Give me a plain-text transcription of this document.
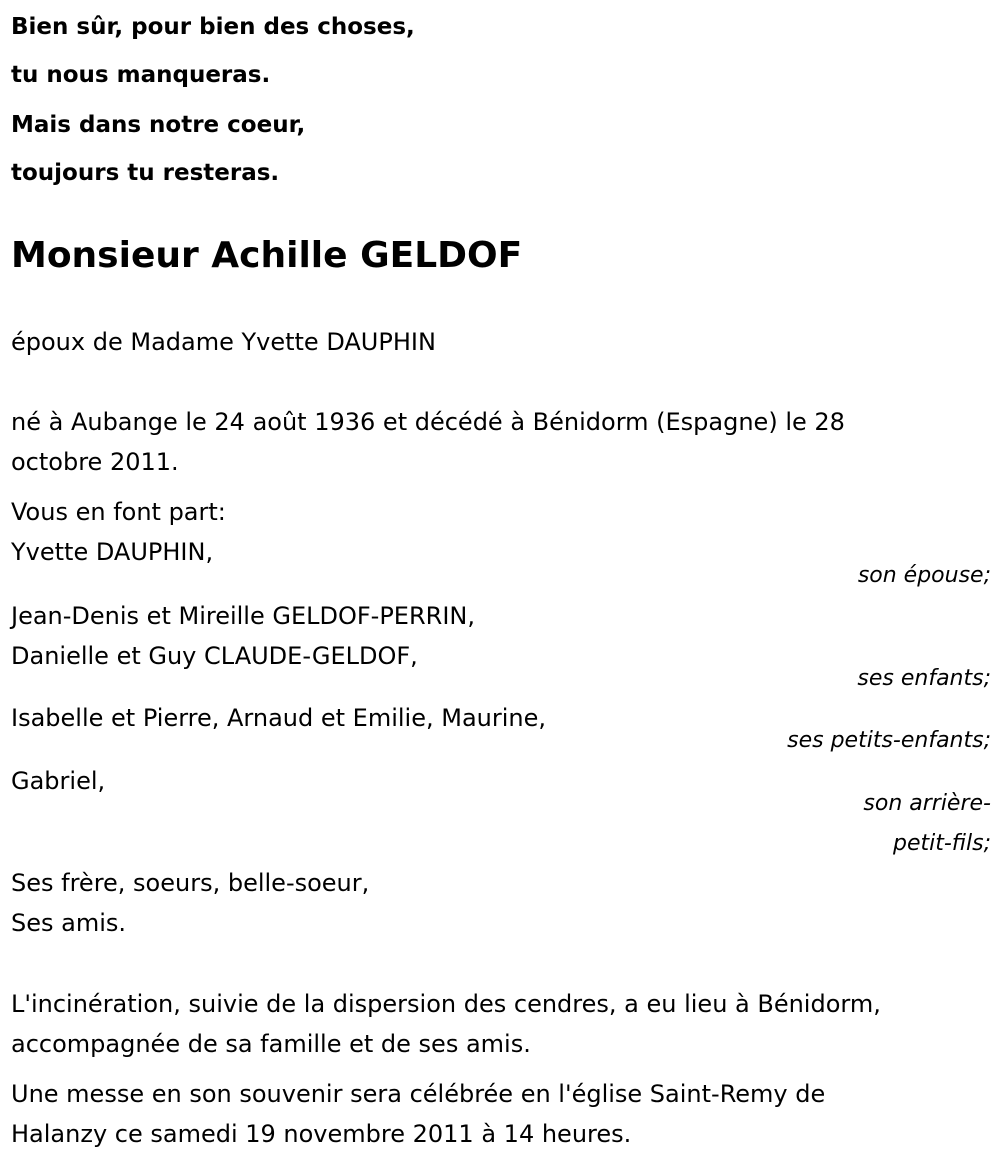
Bien sûr, pour bien des choses,
tu nous manqueras.
Mais dans notre coeur,
toujours tu resteras.
Monsieur Achille GELDOF
époux de Madame Yvette DAUPHIN
né à Aubange le 24 août 1936 et décédé à Bénidorm (Espagne) le 28
octobre 2011.
Vous en font part:
Yvette DAUPHIN,
son épouse;
Jean-Denis et Mireille GELDOF-PERRIN,
Danielle et Guy CLAUDE-GELDOF,
ses enfants;
Isabelle et Pierre, Arnaud et Emilie, Maurine,
ses petits-enfants;
Gabriel,
son arrière-
petit-fils;
Ses frère, soeurs, belle-soeur,
Ses amis.
L'incinération, suivie de la dispersion des cendres, a eu lieu à Bénidorm,
accompagnée de sa famille et de ses amis.
Une messe en son souvenir sera célébrée en l'église Saint-Remy de
Halanzy ce samedi 19 novembre 2011 à 14 heures.
